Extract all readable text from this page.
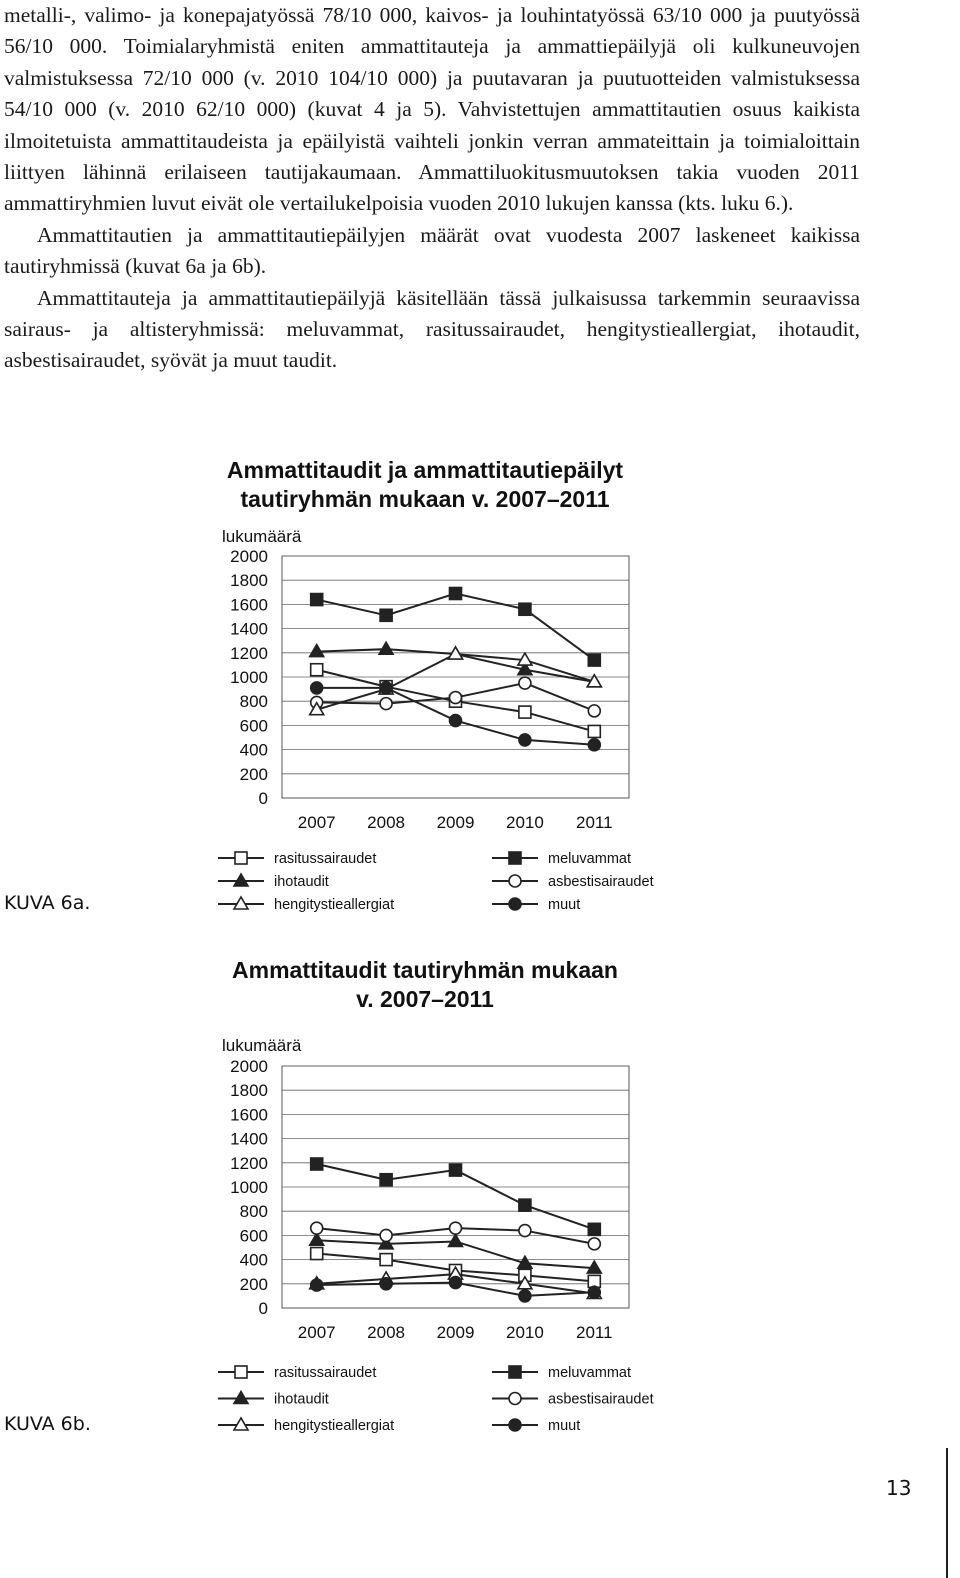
metalli-, valimo- ja konepajatyössä 78/10 000, kaivos- ja louhintatyössä 63/10 000 ja puutyössä 56/10 000. Toimialaryhmistä eniten ammattitauteja ja ammattiepäilyjä oli kulkuneuvojen valmistuksessa 72/10 000 (v. 2010 104/10 000) ja puutavaran ja puutuotteiden valmistuksessa 54/10 000 (v. 2010 62/10 000) (kuvat 4 ja 5). Vahvistettujen ammattitautien osuus kaikista ilmoitetuista ammattitaudeista ja epäilyistä vaihteli jonkin verran ammateittain ja toimialoittain liittyen lähinnä erilaiseen tautijakaumaan. Ammattiluokitusmuutoksen takia vuoden 2011 ammattiryhmien luvut eivät ole vertailukelpoisia vuoden 2010 lukujen kanssa (kts. luku 6.).

Ammattitautien ja ammattitautiepäilyjen määrät ovat vuodesta 2007 laskeneet kaikissa tautiryhmissä (kuvat 6a ja 6b).

Ammattitauteja ja ammattitautiepäilyjä käsitellään tässä julkaisussa tarkemmin seuraavissa sairaus- ja altisteryhmissä: meluvammat, rasitussairaudet, hengitystieallergiat, ihotaudit, asbestisairaudet, syövät ja muut taudit.

Ammattitaudit ja ammattitautiepäilyt
tautiryhmän mukaan v. 2007–2011
KUVA 6a.
lukumäärä
0
200
400
600
800
1000
1200
1400
1600
1800
2000
2007 2008 2009 2010 2011
rasitussairaudet	meluvammat
ihotaudit	asbestisairaudet
hengitystieallergiat	muut
Ammattitaudit tautiryhmän mukaan
v. 2007–2011
KUVA 6b.
lukumäärä
0
200
400
600
800
1000
1200
1400
1600
1800
2000
2007 2008 2009 2010 2011
rasitussairaudet	meluvammat
ihotaudit	asbestisairaudet
hengitystieallergiat	muut
13
